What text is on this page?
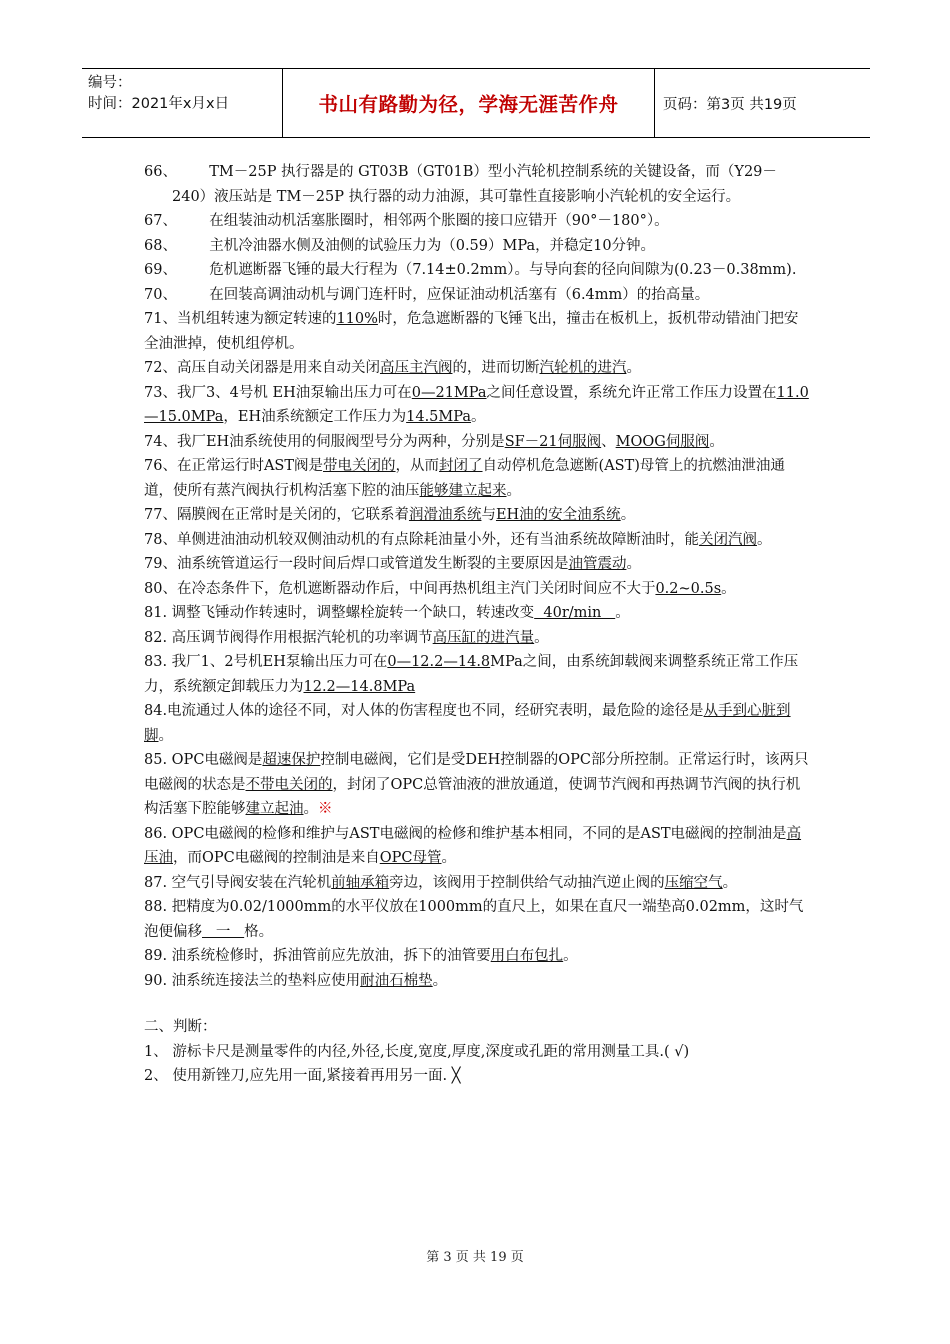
编号：
时间：2021年x月x日	书山有路勤为径，学海无涯苦作舟	页码：第3页 共19页

66、 TM－25P 执行器是的 GT03B（GT01B）型小汽轮机控制系统的关键设备，而（Y29－240）液压站是 TM－25P 执行器的动力油源，其可靠性直接影响小汽轮机的安全运行。

67、 在组装油动机活塞胀圈时，相邻两个胀圈的接口应错开（90°－180°）。

68、 主机冷油器水侧及油侧的试验压力为（0.59）MPa，并稳定10分钟。

69、 危机遮断器飞锤的最大行程为（7.14±0.2mm）。与导向套的径向间隙为(0.23－0.38mm).

70、 在回装高调油动机与调门连杆时，应保证油动机活塞有（6.4mm）的抬高量。

71、当机组转速为额定转速的110%时，危急遮断器的飞锤飞出，撞击在板机上，扳机带动错油门把安全油泄掉，使机组停机。

72、高压自动关闭器是用来自动关闭高压主汽阀的，进而切断汽轮机的进汽。

73、我厂3、4号机 EH油泵输出压力可在0—21MPa之间任意设置，系统允许正常工作压力设置在11.0—15.0MPa，EH油系统额定工作压力为14.5MPa。

74、我厂EH油系统使用的伺服阀型号分为两种，分别是SF－21伺服阀、MOOG伺服阀。

76、在正常运行时AST阀是带电关闭的，从而封闭了自动停机危急遮断(AST)母管上的抗燃油泄油通道，使所有蒸汽阀执行机构活塞下腔的油压能够建立起来。

77、隔膜阀在正常时是关闭的，它联系着润滑油系统与EH油的安全油系统。

78、单侧进油油动机较双侧油动机的有点除耗油量小外，还有当油系统故障断油时，能关闭汽阀。

79、油系统管道运行一段时间后焊口或管道发生断裂的主要原因是油管震动。

80、在冷态条件下，危机遮断器动作后，中间再热机组主汽门关闭时间应不大于0.2~0.5s。

81. 调整飞锤动作转速时，调整螺栓旋转一个缺口，转速改变  40r/min   。

82. 高压调节阀得作用根据汽轮机的功率调节高压缸的进汽量。

83. 我厂1、2号机EH泵输出压力可在0—12.2—14.8MPa之间，由系统卸载阀来调整系统正常工作压力，系统额定卸载压力为12.2—14.8MPa

84.电流通过人体的途径不同，对人体的伤害程度也不同，经研究表明，最危险的途径是从手到心脏到脚。

85. OPC电磁阀是超速保护控制电磁阀，它们是受DEH控制器的OPC部分所控制。正常运行时，该两只电磁阀的状态是不带电关闭的，封闭了OPC总管油液的泄放通道，使调节汽阀和再热调节汽阀的执行机构活塞下腔能够建立起油。※

86. OPC电磁阀的检修和维护与AST电磁阀的检修和维护基本相同，不同的是AST电磁阀的控制油是高压油，而OPC电磁阀的控制油是来自OPC母管。

87. 空气引导阀安装在汽轮机前轴承箱旁边，该阀用于控制供给气动抽汽逆止阀的压缩空气。

88. 把精度为0.02/1000mm的水平仪放在1000mm的直尺上，如果在直尺一端垫高0.02mm，这时气泡便偏移   一   格。

89. 油系统检修时，拆油管前应先放油，拆下的油管要用白布包扎。

90. 油系统连接法兰的垫料应使用耐油石棉垫。

二、判断：

1、 游标卡尺是测量零件的内径,外径,长度,宽度,厚度,深度或孔距的常用测量工具.( √)

2、 使用新锉刀,应先用一面,紧接着再用另一面. ╳

第 3 页 共 19 页
